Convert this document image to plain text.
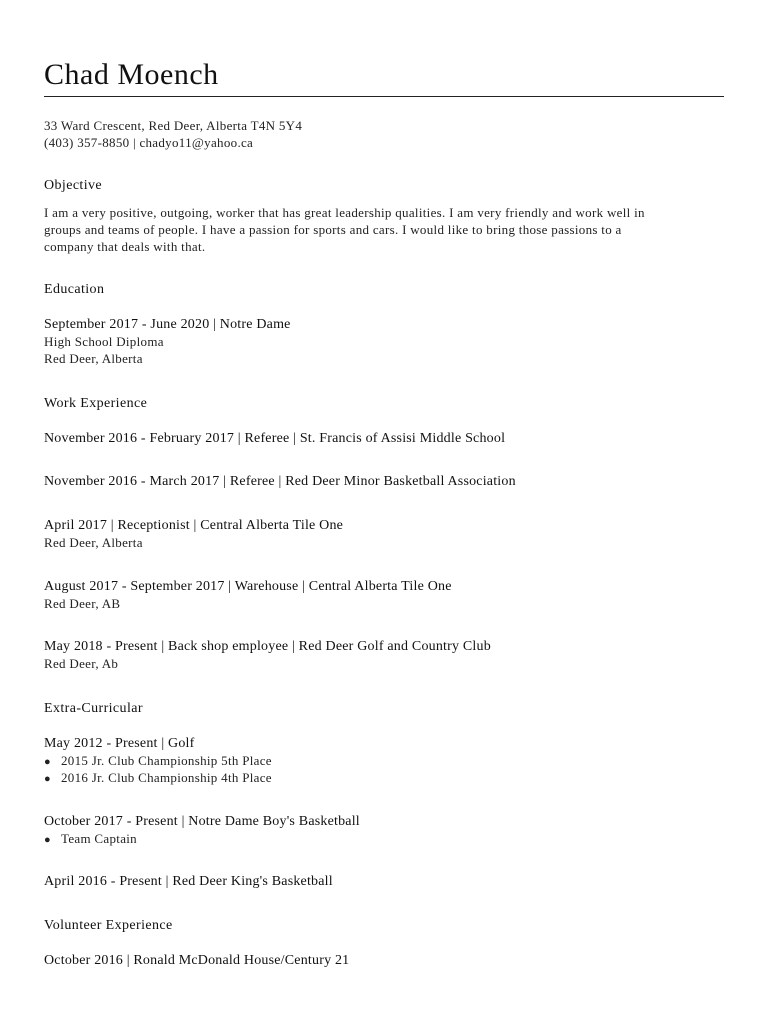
Chad Moench
33 Ward Crescent, Red Deer, Alberta T4N 5Y4
(403) 357-8850 | chadyo11@yahoo.ca
Objective
I am a very positive, outgoing, worker that has great leadership qualities. I am very friendly and work well in
groups and teams of people. I have a passion for sports and cars. I would like to bring those passions to a
company that deals with that.
Education
September 2017 - June 2020 | Notre Dame
High School Diploma
Red Deer, Alberta
Work Experience
November 2016 - February 2017 | Referee | St. Francis of Assisi Middle School
November 2016 - March 2017 | Referee | Red Deer Minor Basketball Association
April 2017 | Receptionist | Central Alberta Tile One
Red Deer, Alberta
August 2017 - September 2017 | Warehouse | Central Alberta Tile One
Red Deer, AB
May 2018 - Present | Back shop employee | Red Deer Golf and Country Club
Red Deer, Ab
Extra-Curricular
May 2012 - Present | Golf
● 2015 Jr. Club Championship 5th Place
● 2016 Jr. Club Championship 4th Place
October 2017 - Present | Notre Dame Boy's Basketball
● Team Captain
April 2016 - Present | Red Deer King's Basketball
Volunteer Experience
October 2016 | Ronald McDonald House/Century 21
